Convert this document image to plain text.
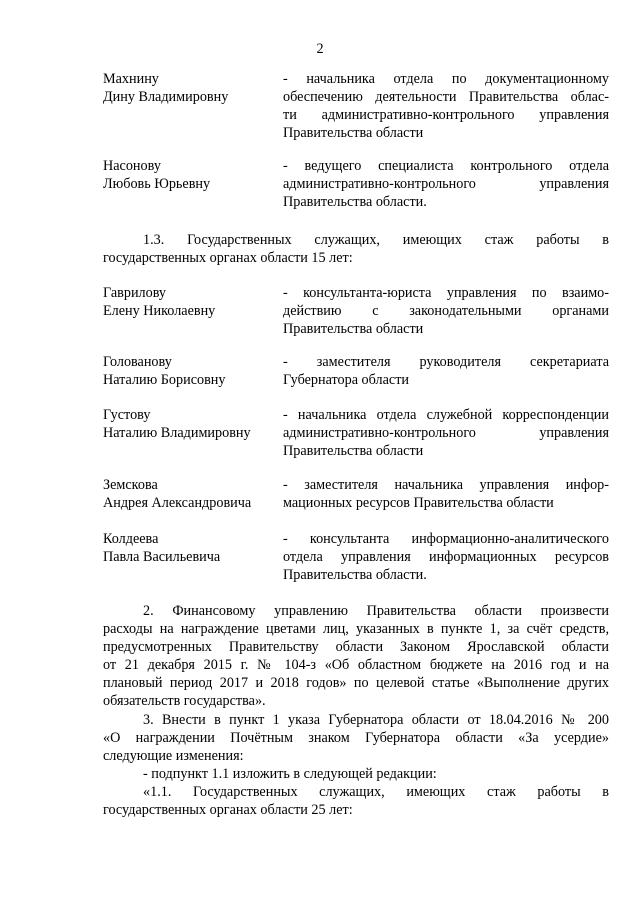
2
Махнину
Дину Владимировну
- начальника отдела по документационному
обеспечению деятельности Правительства облас-
ти административно-контрольного управления
Правительства области
Насонову
Любовь Юрьевну
- ведущего специалиста контрольного отдела
административно-контрольного управления
Правительства области.
1.3. Государственных служащих, имеющих стаж работы в
государственных органах области 15 лет:
Гаврилову
Елену Николаевну
- консультанта-юриста управления по взаимо-
действию с законодательными органами
Правительства области
Голованову
Наталию Борисовну
- заместителя руководителя секретариата
Губернатора области
Густову
Наталию Владимировну
- начальника отдела служебной корреспонденции
административно-контрольного управления
Правительства области
Земскова
Андрея Александровича
- заместителя начальника управления инфор-
мационных ресурсов Правительства области
Колдеева
Павла Васильевича
- консультанта информационно-аналитического
отдела управления информационных ресурсов
Правительства области.
2. Финансовому управлению Правительства области произвести
расходы на награждение цветами лиц, указанных в пункте 1, за счёт средств,
предусмотренных Правительству области Законом Ярославской области
от 21 декабря 2015 г. № 104-з «Об областном бюджете на 2016 год и на
плановый период 2017 и 2018 годов» по целевой статье «Выполнение других
обязательств государства».
3. Внести в пункт 1 указа Губернатора области от 18.04.2016 № 200
«О награждении Почётным знаком Губернатора области «За усердие»
следующие изменения:
- подпункт 1.1 изложить в следующей редакции:
«1.1. Государственных служащих, имеющих стаж работы в
государственных органах области 25 лет:
